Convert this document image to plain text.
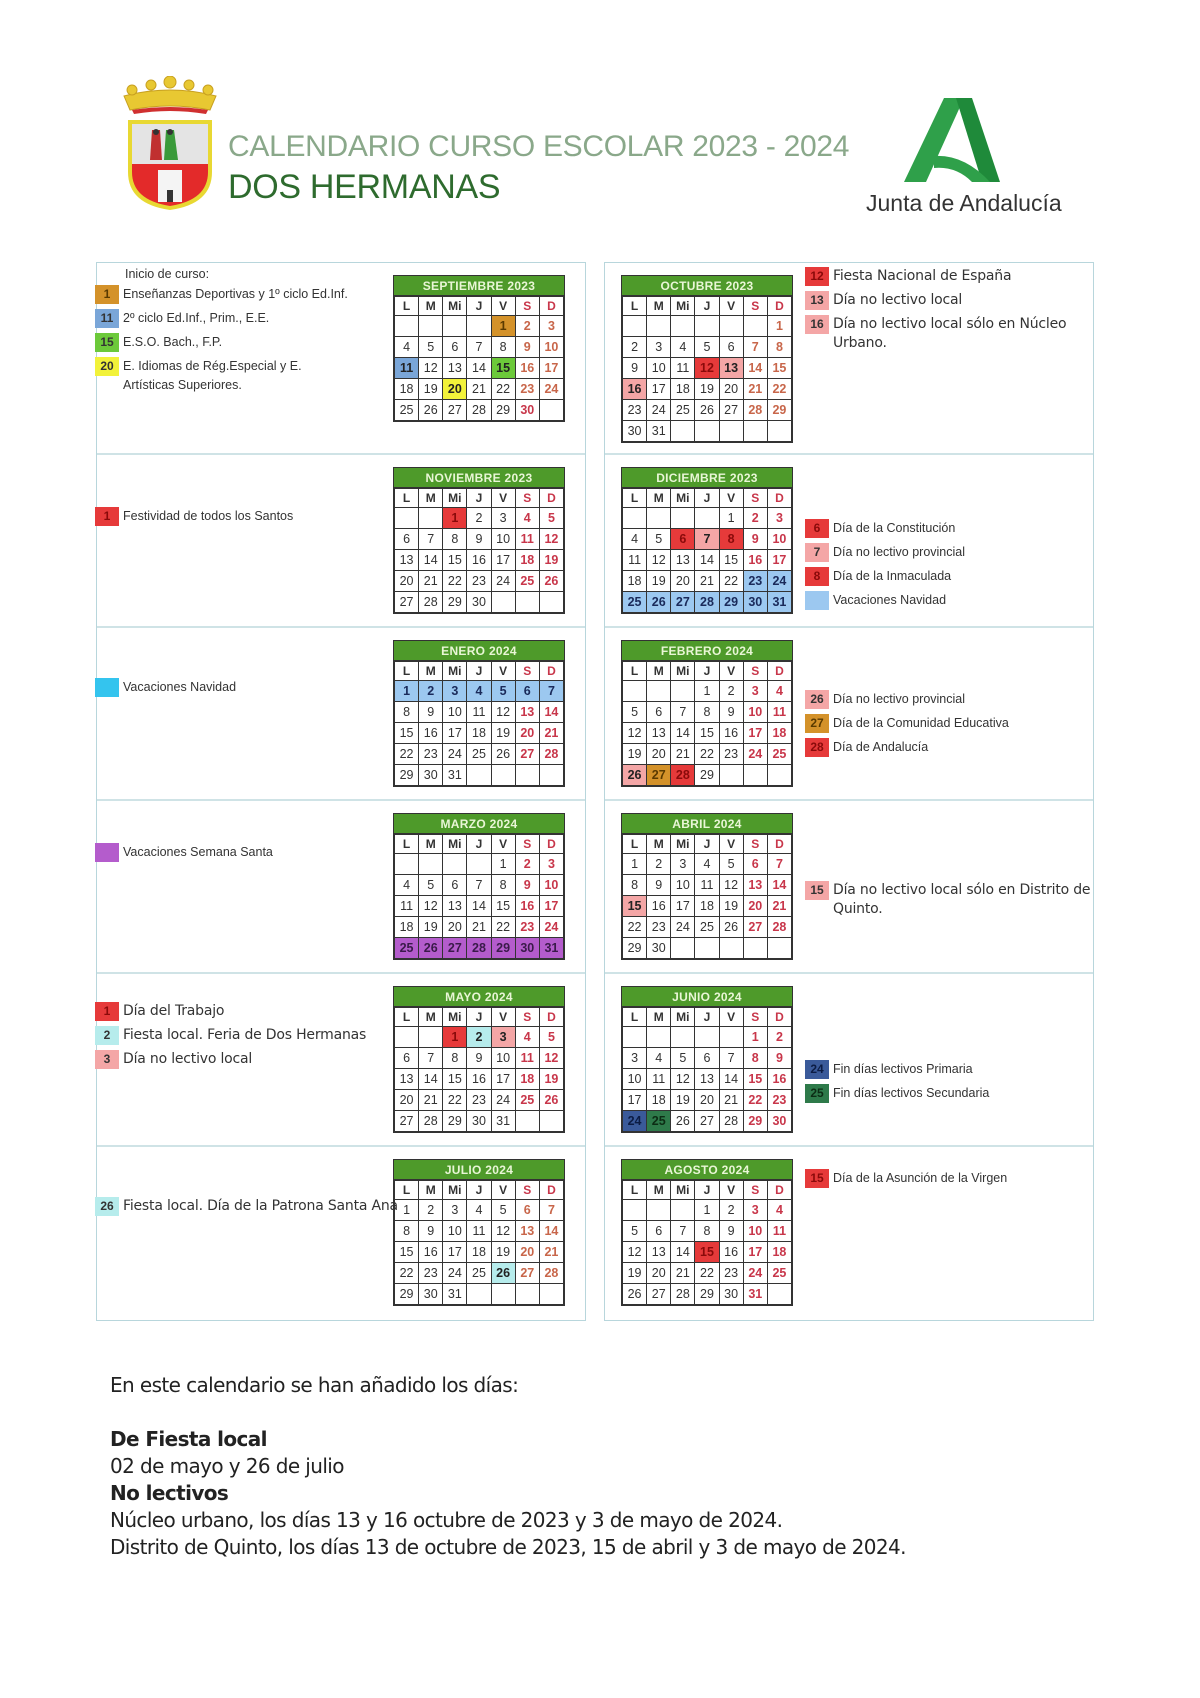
CALENDARIO CURSO ESCOLAR 2023 - 2024
DOS HERMANAS	Junta de Andalucía
SEPTIEMBRE 2023
L	M	Mi	J	V	S	D
				1	2	3
4	5	6	7	8	9	10
11	12	13	14	15	16	17
18	19	20	21	22	23	24
25	26	27	28	29	30	
Inicio de curso:
1	Enseñanzas Deportivas y 1º ciclo Ed.Inf.
11 2º ciclo Ed.Inf., Prim., E.E.
15 E.S.O. Bach., F.P.
20 E. Idiomas de Rég.Especial y E. Artísticas Superiores.
NOVIEMBRE 2023
L	M	Mi	J	V	S	D
		1	2	3	4	5
6	7	8	9	10	11	12
13	14	15	16	17	18	19
20	21	22	23	24	25	26
27	28	29	30			
1	Festividad de todos los Santos
ENERO 2024
L	M	Mi	J	V	S	D
1	2	3	4	5	6	7
8	9	10	11	12	13	14
15	16	17	18	19	20	21
22	23	24	25	26	27	28
29	30	31				
Vacaciones Navidad
MARZO 2024
L	M	Mi	J	V	S	D
				1	2	3
4	5	6	7	8	9	10
11	12	13	14	15	16	17
18	19	20	21	22	23	24
25	26	27	28	29	30	31
Vacaciones Semana Santa
MAYO 2024
L	M	Mi	J	V	S	D
		1	2	3	4	5
6	7	8	9	10	11	12
13	14	15	16	17	18	19
20	21	22	23	24	25	26
27	28	29	30	31		
1 Día del Trabajo
2 Fiesta local. Feria de Dos Hermanas
3 Día no lectivo local
JULIO 2024
L	M	Mi	J	V	S	D
1	2	3	4	5	6	7
8	9	10	11	12	13	14
15	16	17	18	19	20	21
22	23	24	25	26	27	28
29	30	31				
26 Fiesta local. Día de la Patrona Santa Ana
OCTUBRE 2023
L	M	Mi	J	V	S	D
						1
2	3	4	5	6	7	8
9	10	11	12	13	14	15
16	17	18	19	20	21	22
23	24	25	26	27	28	29
30	31					
12 Fiesta Nacional de España
13 Día no lectivo local
16 Día no lectivo local sólo en Núcleo Urbano.
DICIEMBRE 2023
L	M	Mi	J	V	S	D
				1	2	3
4	5	6	7	8	9	10
11	12	13	14	15	16	17
18	19	20	21	22	23	24
25	26	27	28	29	30	31
6	Día de la Constitución
7	Día no lectivo provincial
8	Día de la Inmaculada
Vacaciones Navidad
FEBRERO 2024
L	M	Mi	J	V	S	D
			1	2	3	4
5	6	7	8	9	10	11
12	13	14	15	16	17	18
19	20	21	22	23	24	25
26	27	28	29			
26 Día no lectivo provincial
27 Día de la Comunidad Educativa
28 Día de Andalucía
ABRIL 2024
L	M	Mi	J	V	S	D
1	2	3	4	5	6	7
8	9	10	11	12	13	14
15	16	17	18	19	20	21
22	23	24	25	26	27	28
29	30					
15 Día no lectivo local sólo en Distrito de Quinto.
JUNIO 2024
L	M	Mi	J	V	S	D
					1	2
3	4	5	6	7	8	9
10	11	12	13	14	15	16
17	18	19	20	21	22	23
24	25	26	27	28	29	30
24 Fin días lectivos Primaria
25 Fin días lectivos Secundaria
AGOSTO 2024
L	M	Mi	J	V	S	D
			1	2	3	4
5	6	7	8	9	10	11
12	13	14	15	16	17	18
19	20	21	22	23	24	25
26	27	28	29	30	31	
15 Día de la Asunción de la Virgen
En este calendario se han añadido los días:
De Fiesta local
02 de mayo y 26 de julio
No lectivos
Núcleo urbano, los días 13 y 16 octubre de 2023 y 3 de mayo de 2024.
Distrito de Quinto, los días 13 de octubre de 2023, 15 de abril y 3 de mayo de 2024.
